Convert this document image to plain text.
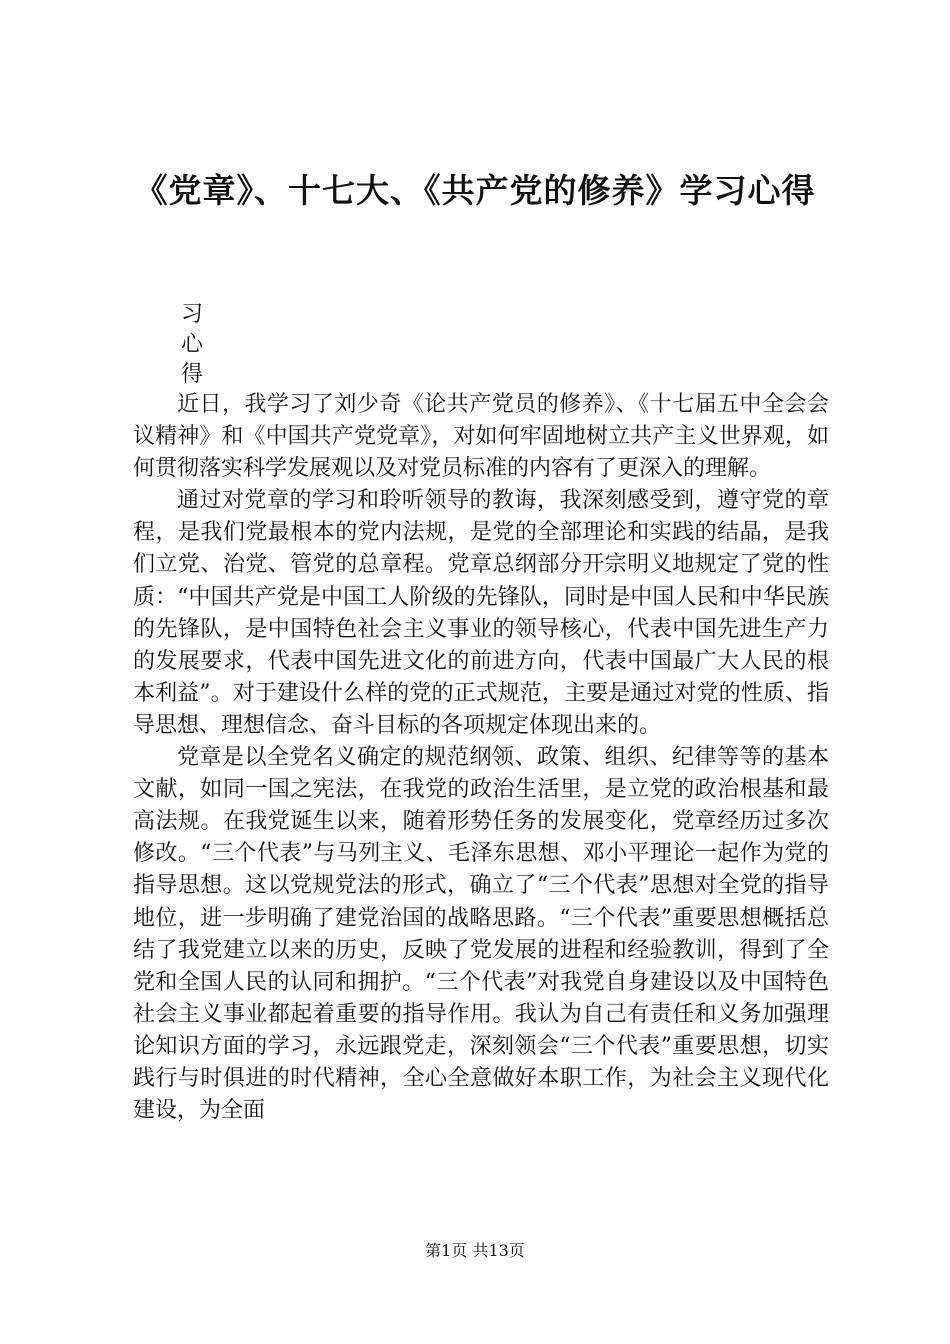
《党章》、十七大、《共产党的修养》学习心得
习
心
得

近日，我学习了刘少奇《论共产党员的修养》、《十七届五中全会会议精神》和《中国共产党党章》，对如何牢固地树立共产主义世界观，如何贯彻落实科学发展观以及对党员标准的内容有了更深入的理解。

通过对党章的学习和聆听领导的教诲，我深刻感受到，遵守党的章程，是我们党最根本的党内法规，是党的全部理论和实践的结晶，是我们立党、治党、管党的总章程。党章总纲部分开宗明义地规定了党的性质：“中国共产党是中国工人阶级的先锋队，同时是中国人民和中华民族的先锋队，是中国特色社会主义事业的领导核心，代表中国先进生产力的发展要求，代表中国先进文化的前进方向，代表中国最广大人民的根本利益”。对于建设什么样的党的正式规范，主要是通过对党的性质、指导思想、理想信念、奋斗目标的各项规定体现出来的。

党章是以全党名义确定的规范纲领、政策、组织、纪律等等的基本文献，如同一国之宪法，在我党的政治生活里，是立党的政治根基和最高法规。在我党诞生以来，随着形势任务的发展变化，党章经历过多次修改。“三个代表”与马列主义、毛泽东思想、邓小平理论一起作为党的指导思想。这以党规党法的形式，确立了“三个代表”思想对全党的指导地位，进一步明确了建党治国的战略思路。“三个代表”重要思想概括总结了我党建立以来的历史，反映了党发展的进程和经验教训，得到了全党和全国人民的认同和拥护。“三个代表”对我党自身建设以及中国特色社会主义事业都起着重要的指导作用。我认为自己有责任和义务加强理论知识方面的学习，永远跟党走，深刻领会“三个代表”重要思想，切实践行与时俱进的时代精神，全心全意做好本职工作，为社会主义现代化建设，为全面

第1页 共13页
